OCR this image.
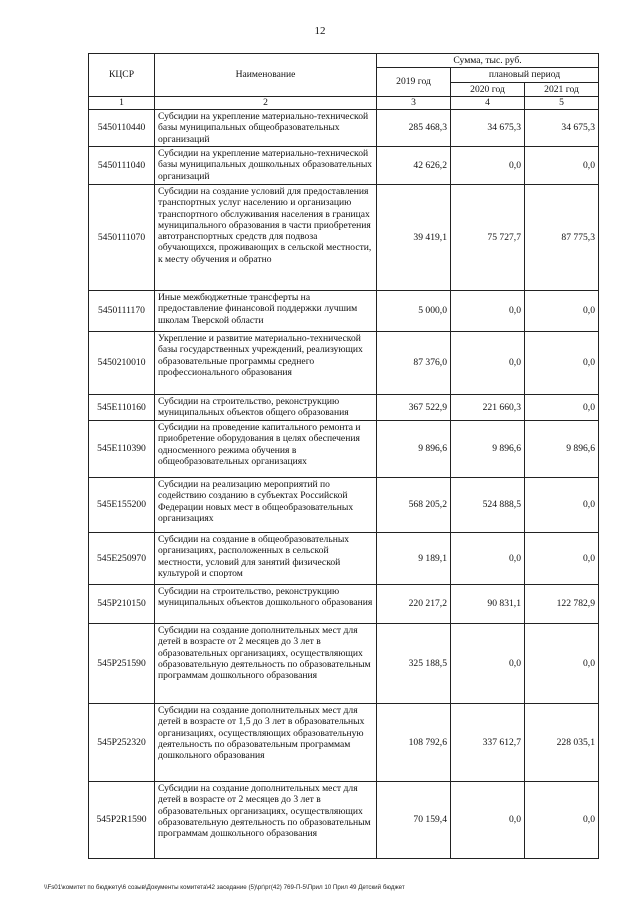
12
КЦСР	Наименование	Сумма, тыс. руб.		
		2019 год	плановый период	
			2020 год	2021 год
1	2	3	4	5
5450110440	Субсидии на укрепление материально-технической базы муниципальных общеобразовательных организаций	285 468,3	34 675,3	34 675,3
5450111040	Субсидии на укрепление материально-технической базы муниципальных дошкольных образовательных организаций	42 626,2	0,0	0,0
5450111070	Субсидии на создание условий для предоставления транспортных услуг населению и организацию транспортного обслуживания населения в границах муниципального образования в части приобретения автотранспортных средств для подвоза обучающихся, проживающих в сельской местности, к месту обучения и обратно	39 419,1	75 727,7	87 775,3
5450111170	Иные межбюджетные трансферты на предоставление финансовой поддержки лучшим школам Тверской области	5 000,0	0,0	0,0
5450210010	Укрепление и развитие материально-технической базы государственных учреждений, реализующих образовательные программы среднего профессионального образования	87 376,0	0,0	0,0
545E110160	Субсидии на строительство, реконструкцию муниципальных объектов общего образования	367 522,9	221 660,3	0,0
545E110390	Субсидии на проведение капитального ремонта и приобретение оборудования в целях обеспечения односменного режима обучения в общеобразовательных организациях	9 896,6	9 896,6	9 896,6
545E155200	Субсидии на реализацию мероприятий по содействию созданию в субъектах Российской Федерации новых мест в общеобразовательных организациях	568 205,2	524 888,5	0,0
545E250970	Субсидии на создание в общеобразовательных организациях, расположенных в сельской местности, условий для занятий физической культурой и спортом	9 189,1	0,0	0,0
545P210150	Субсидии на строительство, реконструкцию муниципальных объектов дошкольного образования	220 217,2	90 831,1	122 782,9
545P251590	Субсидии на создание дополнительных мест для детей в возрасте от 2 месяцев до 3 лет в образовательных организациях, осуществляющих образовательную деятельность по образовательным программам дошкольного образования	325 188,5	0,0	0,0
545P252320	Субсидии на создание дополнительных мест для детей в возрасте от 1,5 до 3 лет в образовательных организациях, осуществляющих образовательную деятельность по образовательным программам дошкольного образования	108 792,6	337 612,7	228 035,1
545P2R1590	Субсидии на создание дополнительных мест для детей в возрасте от 2 месяцев до 3 лет в образовательных организациях, осуществляющих образовательную деятельность по образовательным программам дошкольного образования	70 159,4	0,0	0,0
\\Fs01\комитет по бюджету\6 созыв\Документы комитета\42 заседание (5)\рг\рг(42) 769-П-5\Прил 10 Прил 49 Детский бюджет
